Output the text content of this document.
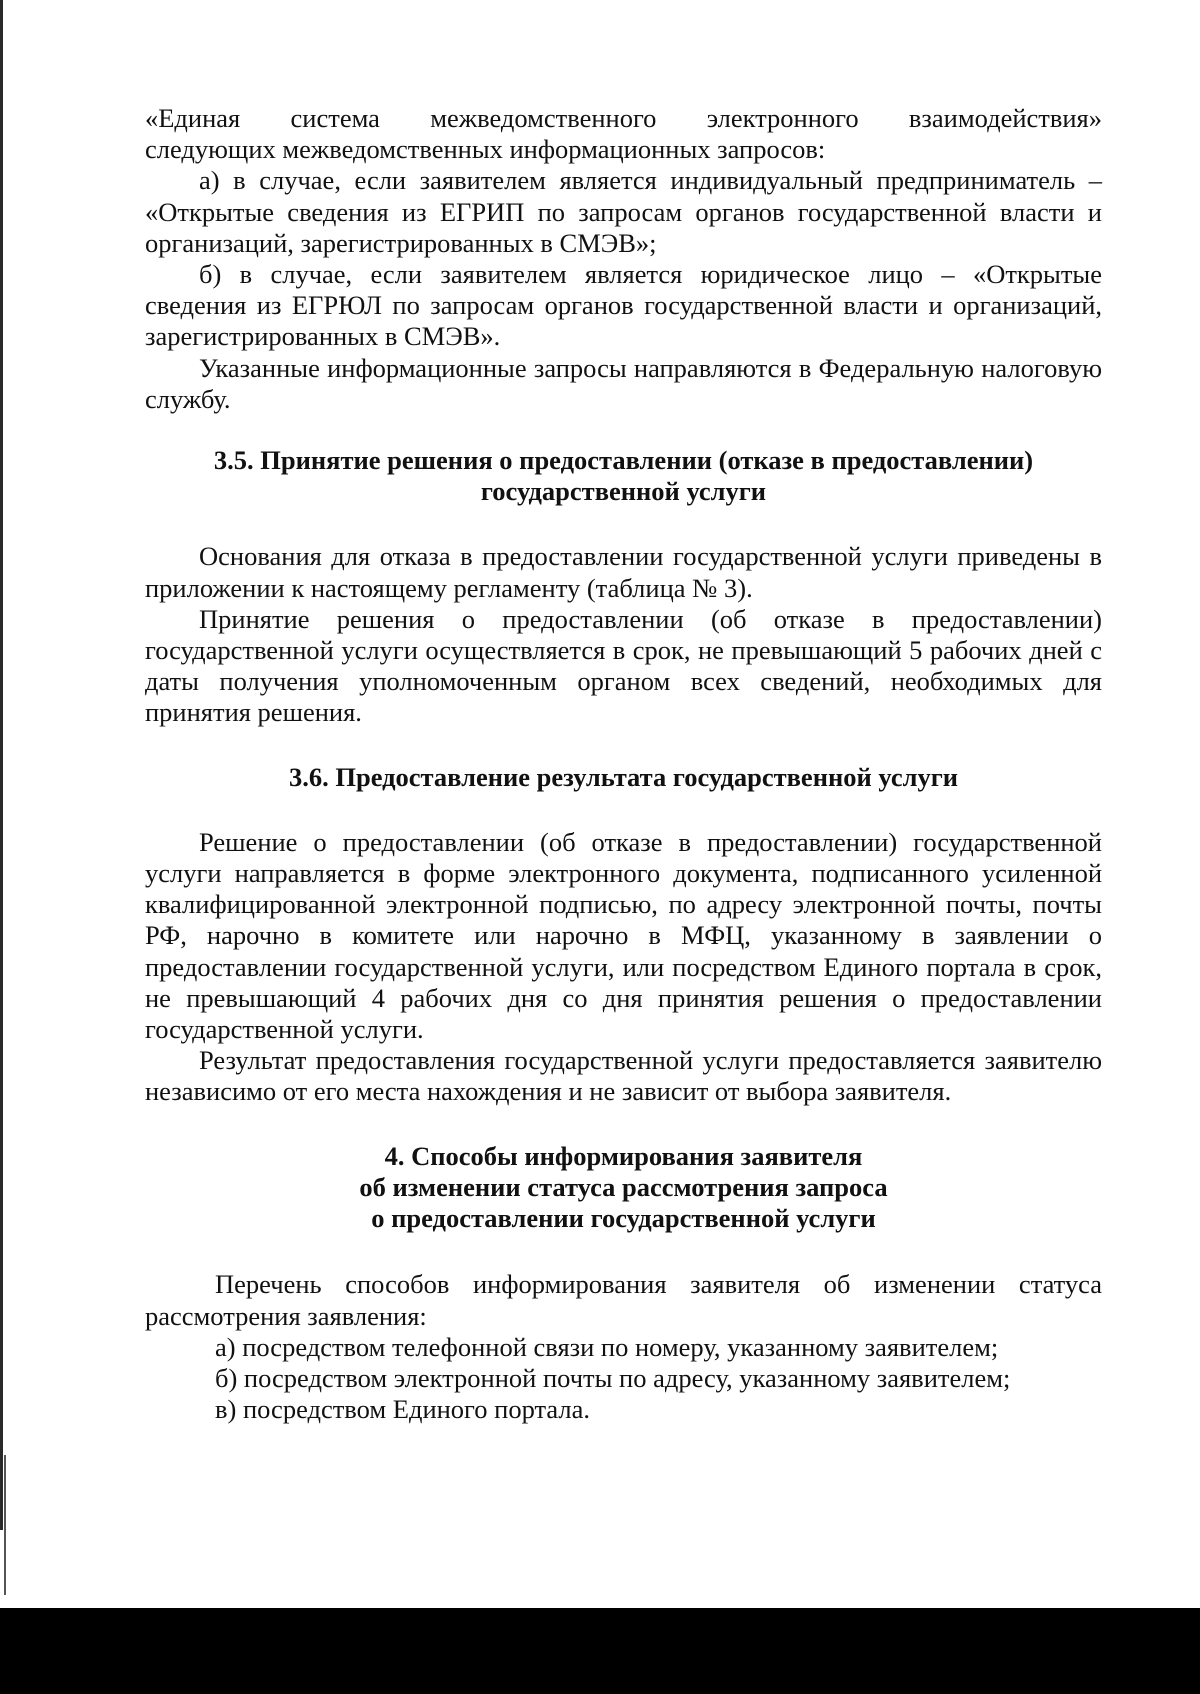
«Единая система межведомственного электронного взаимодействия»

следующих межведомственных информационных запросов:

а) в случае, если заявителем является индивидуальный предприниматель – «Открытые сведения из ЕГРИП по запросам органов государственной власти и организаций, зарегистрированных в СМЭВ»;

б) в случае, если заявителем является юридическое лицо – «Открытые сведения из ЕГРЮЛ по запросам органов государственной власти и организаций, зарегистрированных в СМЭВ».

Указанные информационные запросы направляются в Федеральную налоговую службу.

3.5. Принятие решения о предоставлении (отказе в предоставлении)
государственной услуги

Основания для отказа в предоставлении государственной услуги приведены в приложении к настоящему регламенту (таблица № 3).

Принятие решения о предоставлении (об отказе в предоставлении) государственной услуги осуществляется в срок, не превышающий 5 рабочих дней с даты получения уполномоченным органом всех сведений, необходимых для принятия решения.

3.6. Предоставление результата государственной услуги

Решение о предоставлении (об отказе в предоставлении) государственной услуги направляется в форме электронного документа, подписанного усиленной квалифицированной электронной подписью, по адресу электронной почты, почты РФ, нарочно в комитете или нарочно в МФЦ, указанному в заявлении о предоставлении государственной услуги, или посредством Единого портала в срок, не превышающий 4 рабочих дня со дня принятия решения о предоставлении государственной услуги.

Результат предоставления государственной услуги предоставляется заявителю независимо от его места нахождения и не зависит от выбора заявителя.

4. Способы информирования заявителя
об изменении статуса рассмотрения запроса
о предоставлении государственной услуги

Перечень способов информирования заявителя об изменении статуса рассмотрения заявления:

а) посредством телефонной связи по номеру, указанному заявителем;

б) посредством электронной почты по адресу, указанному заявителем;

в) посредством Единого портала.
